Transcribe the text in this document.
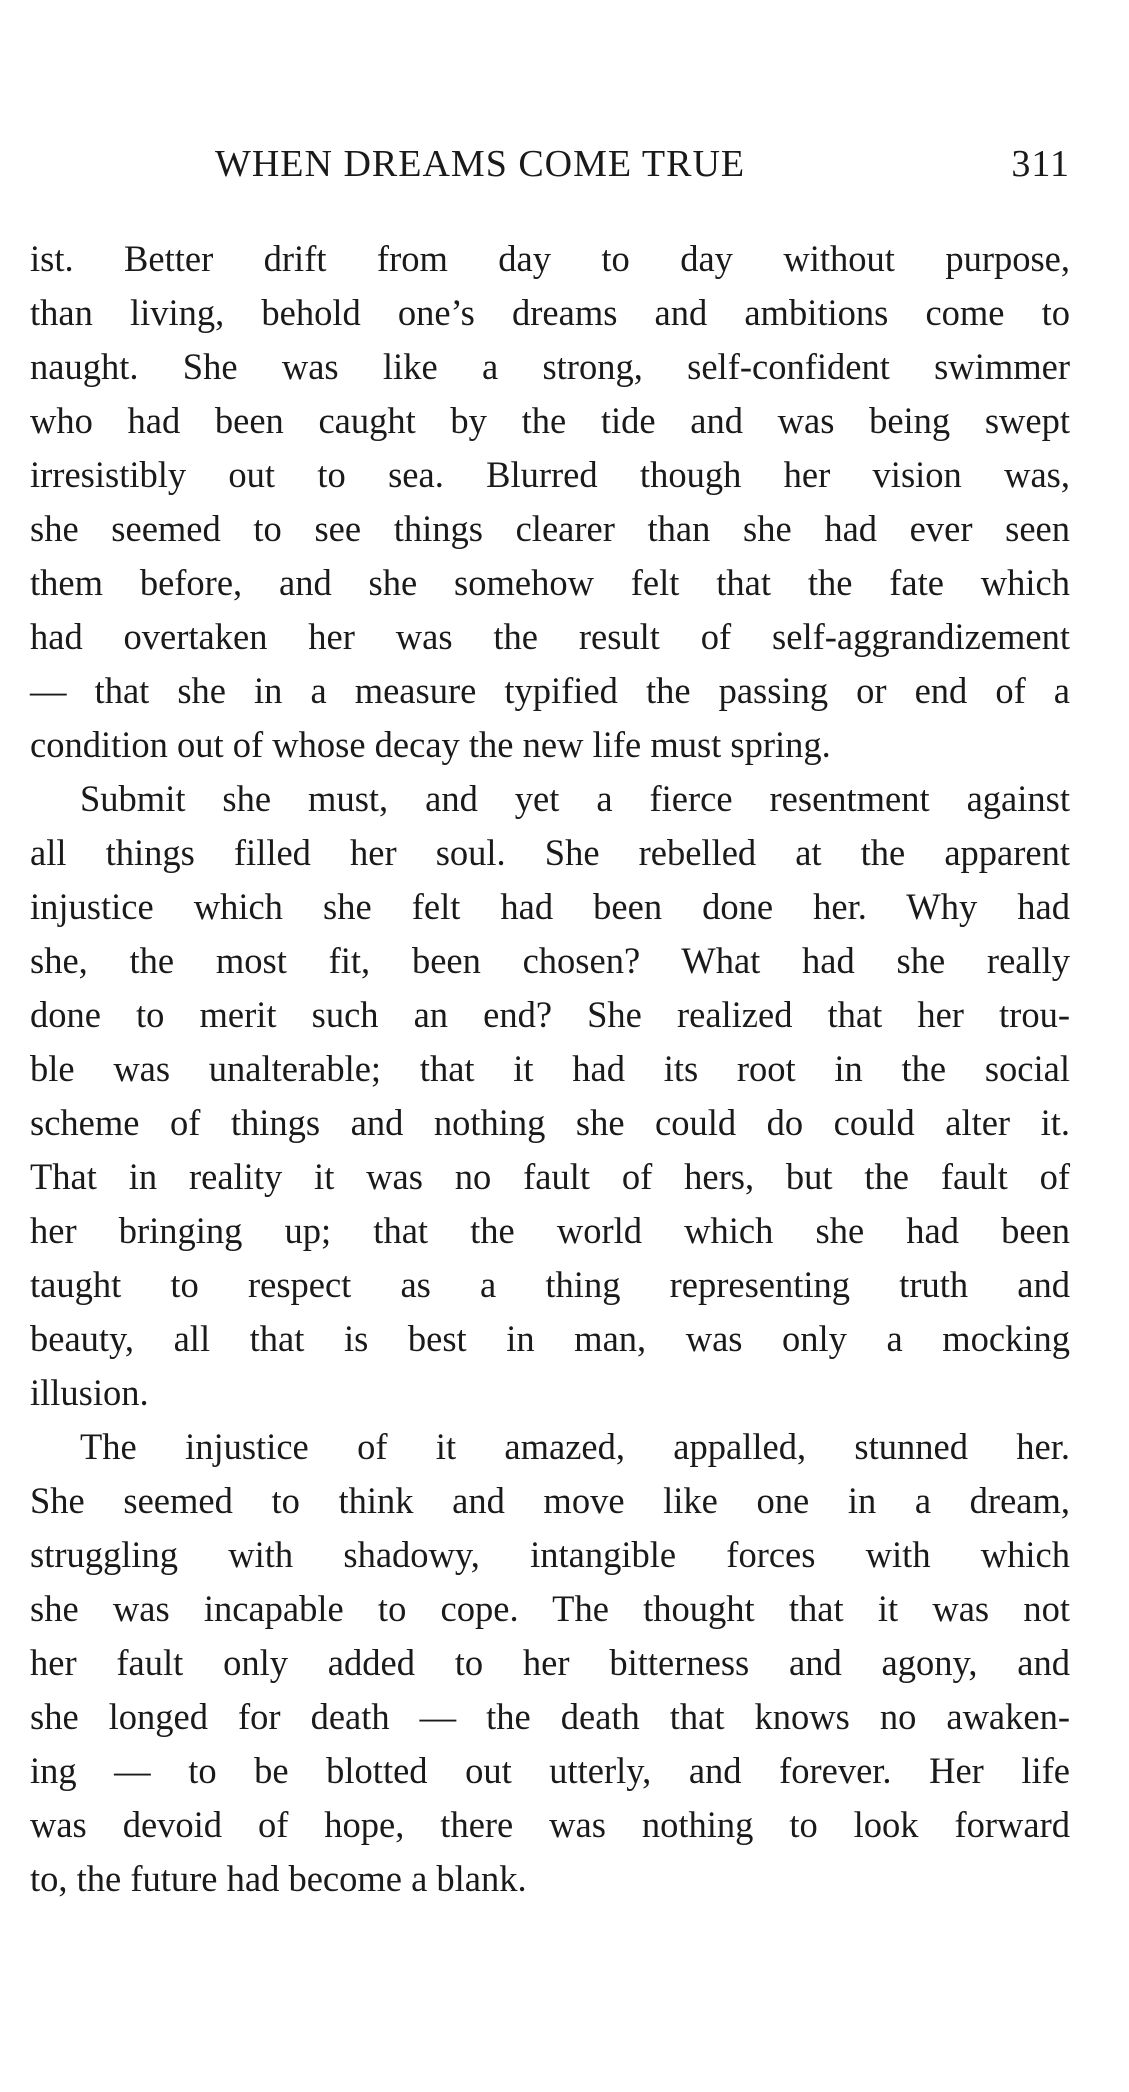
WHEN DREAMS COME TRUE	311
ist. Better drift from day to day without purpose,
than living, behold one’s dreams and ambitions come to
naught. She was like a strong, self-confident swimmer
who had been caught by the tide and was being swept
irresistibly out to sea. Blurred though her vision was,
she seemed to see things clearer than she had ever seen
them before, and she somehow felt that the fate which
had overtaken her was the result of self-aggrandizement
— that she in a measure typified the passing or end of a
condition out of whose decay the new life must spring.
Submit she must, and yet a fierce resentment against
all things filled her soul. She rebelled at the apparent
injustice which she felt had been done her. Why had
she, the most fit, been chosen? What had she really
done to merit such an end? She realized that her trou-
ble was unalterable; that it had its root in the social
scheme of things and nothing she could do could alter it.
That in reality it was no fault of hers, but the fault of
her bringing up; that the world which she had been
taught to respect as a thing representing truth and
beauty, all that is best in man, was only a mocking
illusion.
The injustice of it amazed, appalled, stunned her.
She seemed to think and move like one in a dream,
struggling with shadowy, intangible forces with which
she was incapable to cope. The thought that it was not
her fault only added to her bitterness and agony, and
she longed for death — the death that knows no awaken-
ing — to be blotted out utterly, and forever. Her life
was devoid of hope, there was nothing to look forward
to, the future had become a blank.
